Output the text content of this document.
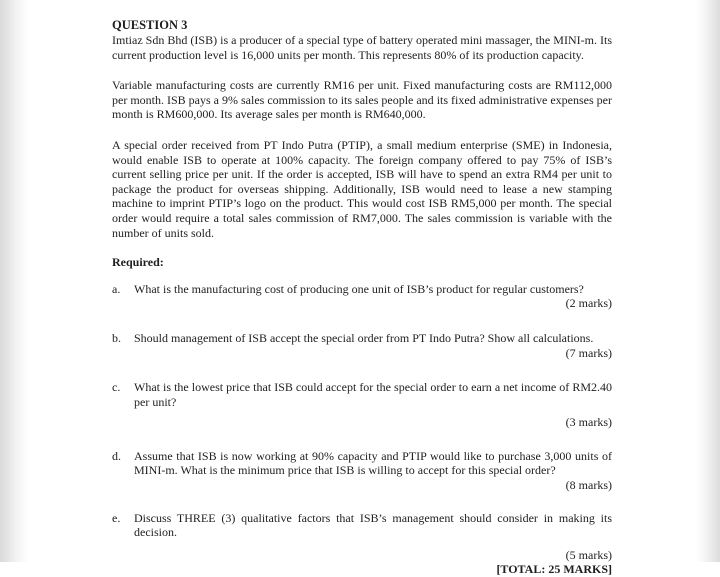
QUESTION 3

Imtiaz Sdn Bhd (ISB) is a producer of a special type of battery operated mini massager, the MINI-m. Its current production level is 16,000 units per month. This represents 80% of its production capacity.

Variable manufacturing costs are currently RM16 per unit. Fixed manufacturing costs are RM112,000 per month. ISB pays a 9% sales commission to its sales people and its fixed administrative expenses per month is RM600,000. Its average sales per month is RM640,000.

A special order received from PT Indo Putra (PTIP), a small medium enterprise (SME) in Indonesia, would enable ISB to operate at 100% capacity. The foreign company offered to pay 75% of ISB’s current selling price per unit. If the order is accepted, ISB will have to spend an extra RM4 per unit to package the product for overseas shipping. Additionally, ISB would need to lease a new stamping machine to imprint PTIP’s logo on the product. This would cost ISB RM5,000 per month. The special order would require a total sales commission of RM7,000. The sales commission is variable with the number of units sold.

Required:

a.	What is the manufacturing cost of producing one unit of ISB’s product for regular customers?

(2 marks)

b.	Should management of ISB accept the special order from PT Indo Putra? Show all calculations.

(7 marks)

c.	What is the lowest price that ISB could accept for the special order to earn a net income of RM2.40 per unit?

(3 marks)

d.	Assume that ISB is now working at 90% capacity and PTIP would like to purchase 3,000 units of MINI-m. What is the minimum price that ISB is willing to accept for this special order?

(8 marks)

e.	Discuss THREE (3) qualitative factors that ISB’s management should consider in making its decision.

(5 marks)

[TOTAL: 25 MARKS]
